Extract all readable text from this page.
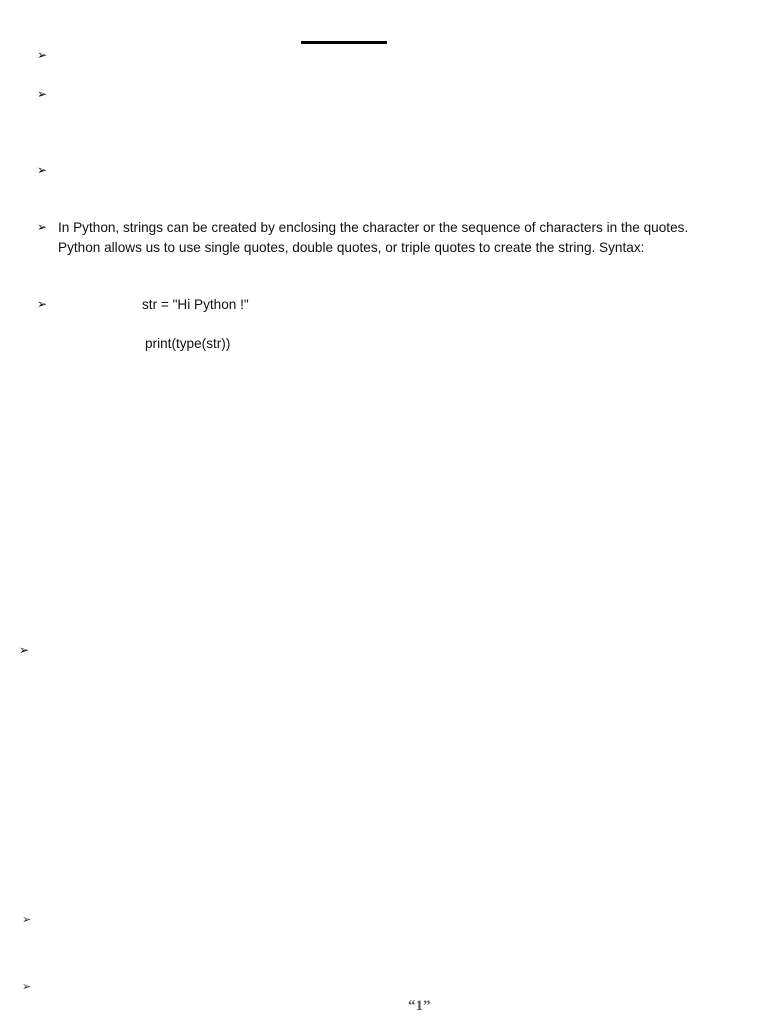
➢
➢
➢
➢ In Python, strings can be created by enclosing the character or the sequence of characters in the quotes.
Python allows us to use single quotes, double quotes, or triple quotes to create the string. Syntax:
➢	str = "Hi Python !"
print(type(str))
➢
➢
➢
“1”
